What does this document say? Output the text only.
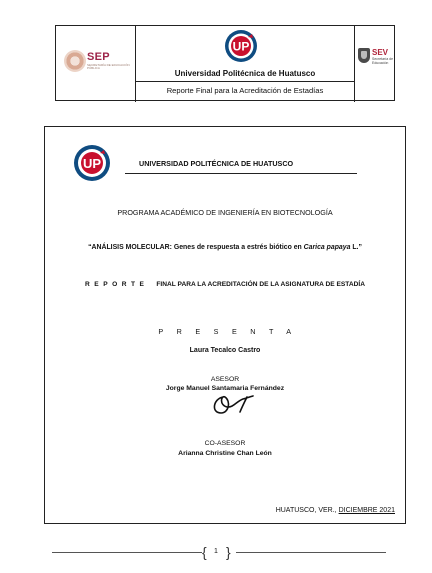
SEP
SECRETARÍA DE EDUCACIÓN PÚBLICA
UP
Universidad Politécnica de Huatusco
Reporte Final para la Acreditación de Estadías
SEV
Secretaría de Educación
UP	UNIVERSIDAD POLITÉCNICA DE HUATUSCO
PROGRAMA ACADÉMICO DE INGENIERÍA EN BIOTECNOLOGÍA
“ANÁLISIS MOLECULAR: Genes de respuesta a estrés biótico en Carica papaya L.”
REPORTE FINAL PARA LA ACREDITACIÓN DE LA ASIGNATURA DE ESTADÍA
PRESENTA
Laura Tecalco Castro
ASESOR
Jorge Manuel Santamaria Fernández
CO-ASESOR
Arianna Christine Chan León
HUATUSCO, VER., DICIEMBRE 2021
{	1 }
